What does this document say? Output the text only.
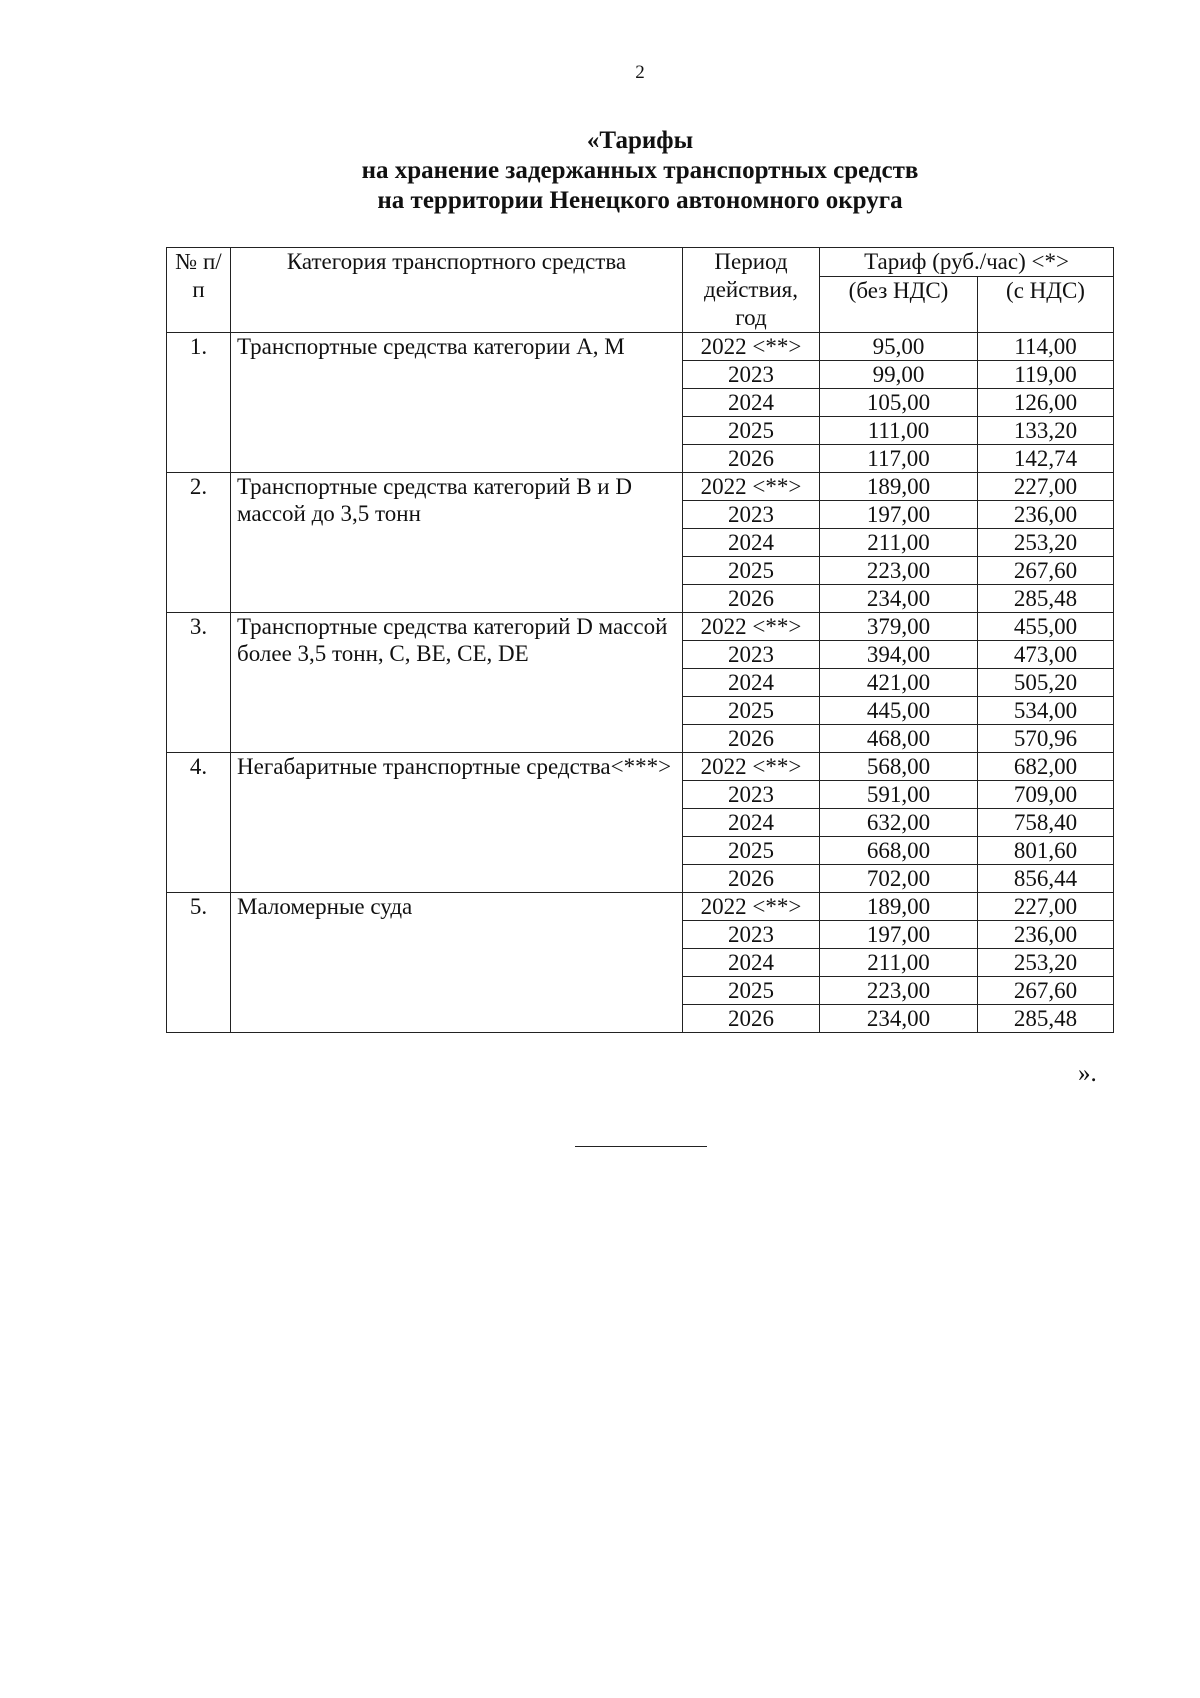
2
«Тарифы
на хранение задержанных транспортных средств
на территории Ненецкого автономного округа
№ п/п	Категория транспортного средства	Период действия, год	Тариф (руб./час) <*>	
			(без НДС)	(с НДС)
1.	Транспортные средства категории A, M	2022 <**>	95,00	114,00
		2023	99,00	119,00
		2024	105,00	126,00
		2025	111,00	133,20
		2026	117,00	142,74
2.	Транспортные средства категорий B и D массой до 3,5 тонн	2022 <**>	189,00	227,00
		2023	197,00	236,00
		2024	211,00	253,20
		2025	223,00	267,60
		2026	234,00	285,48
3.	Транспортные средства категорий D массой более 3,5 тонн, C, BE, CE, DE	2022 <**>	379,00	455,00
		2023	394,00	473,00
		2024	421,00	505,20
		2025	445,00	534,00
		2026	468,00	570,96
4.	Негабаритные транспортные средства<***>	2022 <**>	568,00	682,00
		2023	591,00	709,00
		2024	632,00	758,40
		2025	668,00	801,60
		2026	702,00	856,44
5.	Маломерные суда	2022 <**>	189,00	227,00
		2023	197,00	236,00
		2024	211,00	253,20
		2025	223,00	267,60
		2026	234,00	285,48
».
